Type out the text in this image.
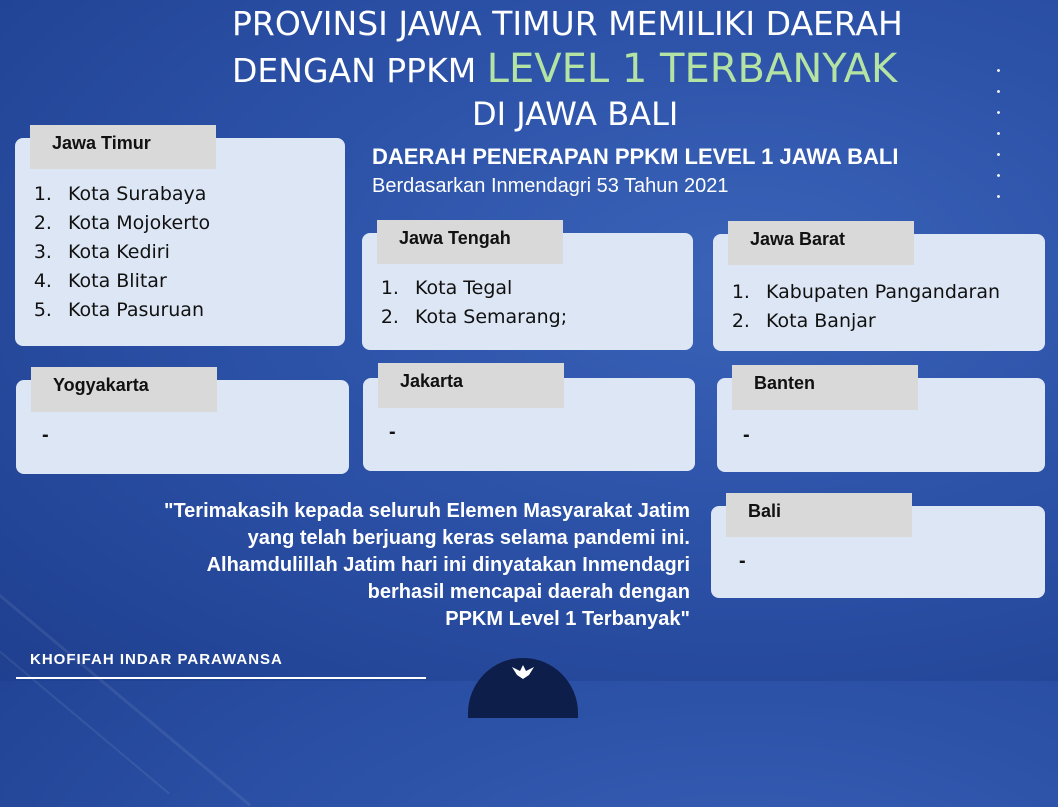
PROVINSI JAWA TIMUR MEMILIKI DAERAH
DENGAN PPKM LEVEL 1 TERBANYAK
DI JAWA BALI
DAERAH PENERAPAN PPKM LEVEL 1 JAWA BALI
Berdasarkan Inmendagri 53 Tahun 2021
Jawa Timur
1. Kota Surabaya
2. Kota Mojokerto
3. Kota Kediri
4. Kota Blitar
5. Kota Pasuruan
Jawa Tengah
1. Kota Tegal
2. Kota Semarang;
Jawa Barat
1. Kabupaten Pangandaran
2. Kota Banjar
Yogyakarta
-
Jakarta
-
Banten
-
Bali
-
"Terimakasih kepada seluruh Elemen Masyarakat Jatim
yang telah berjuang keras selama pandemi ini.
Alhamdulillah Jatim hari ini dinyatakan Inmendagri
berhasil mencapai daerah dengan
PPKM Level 1 Terbanyak"
KHOFIFAH INDAR PARAWANSA
